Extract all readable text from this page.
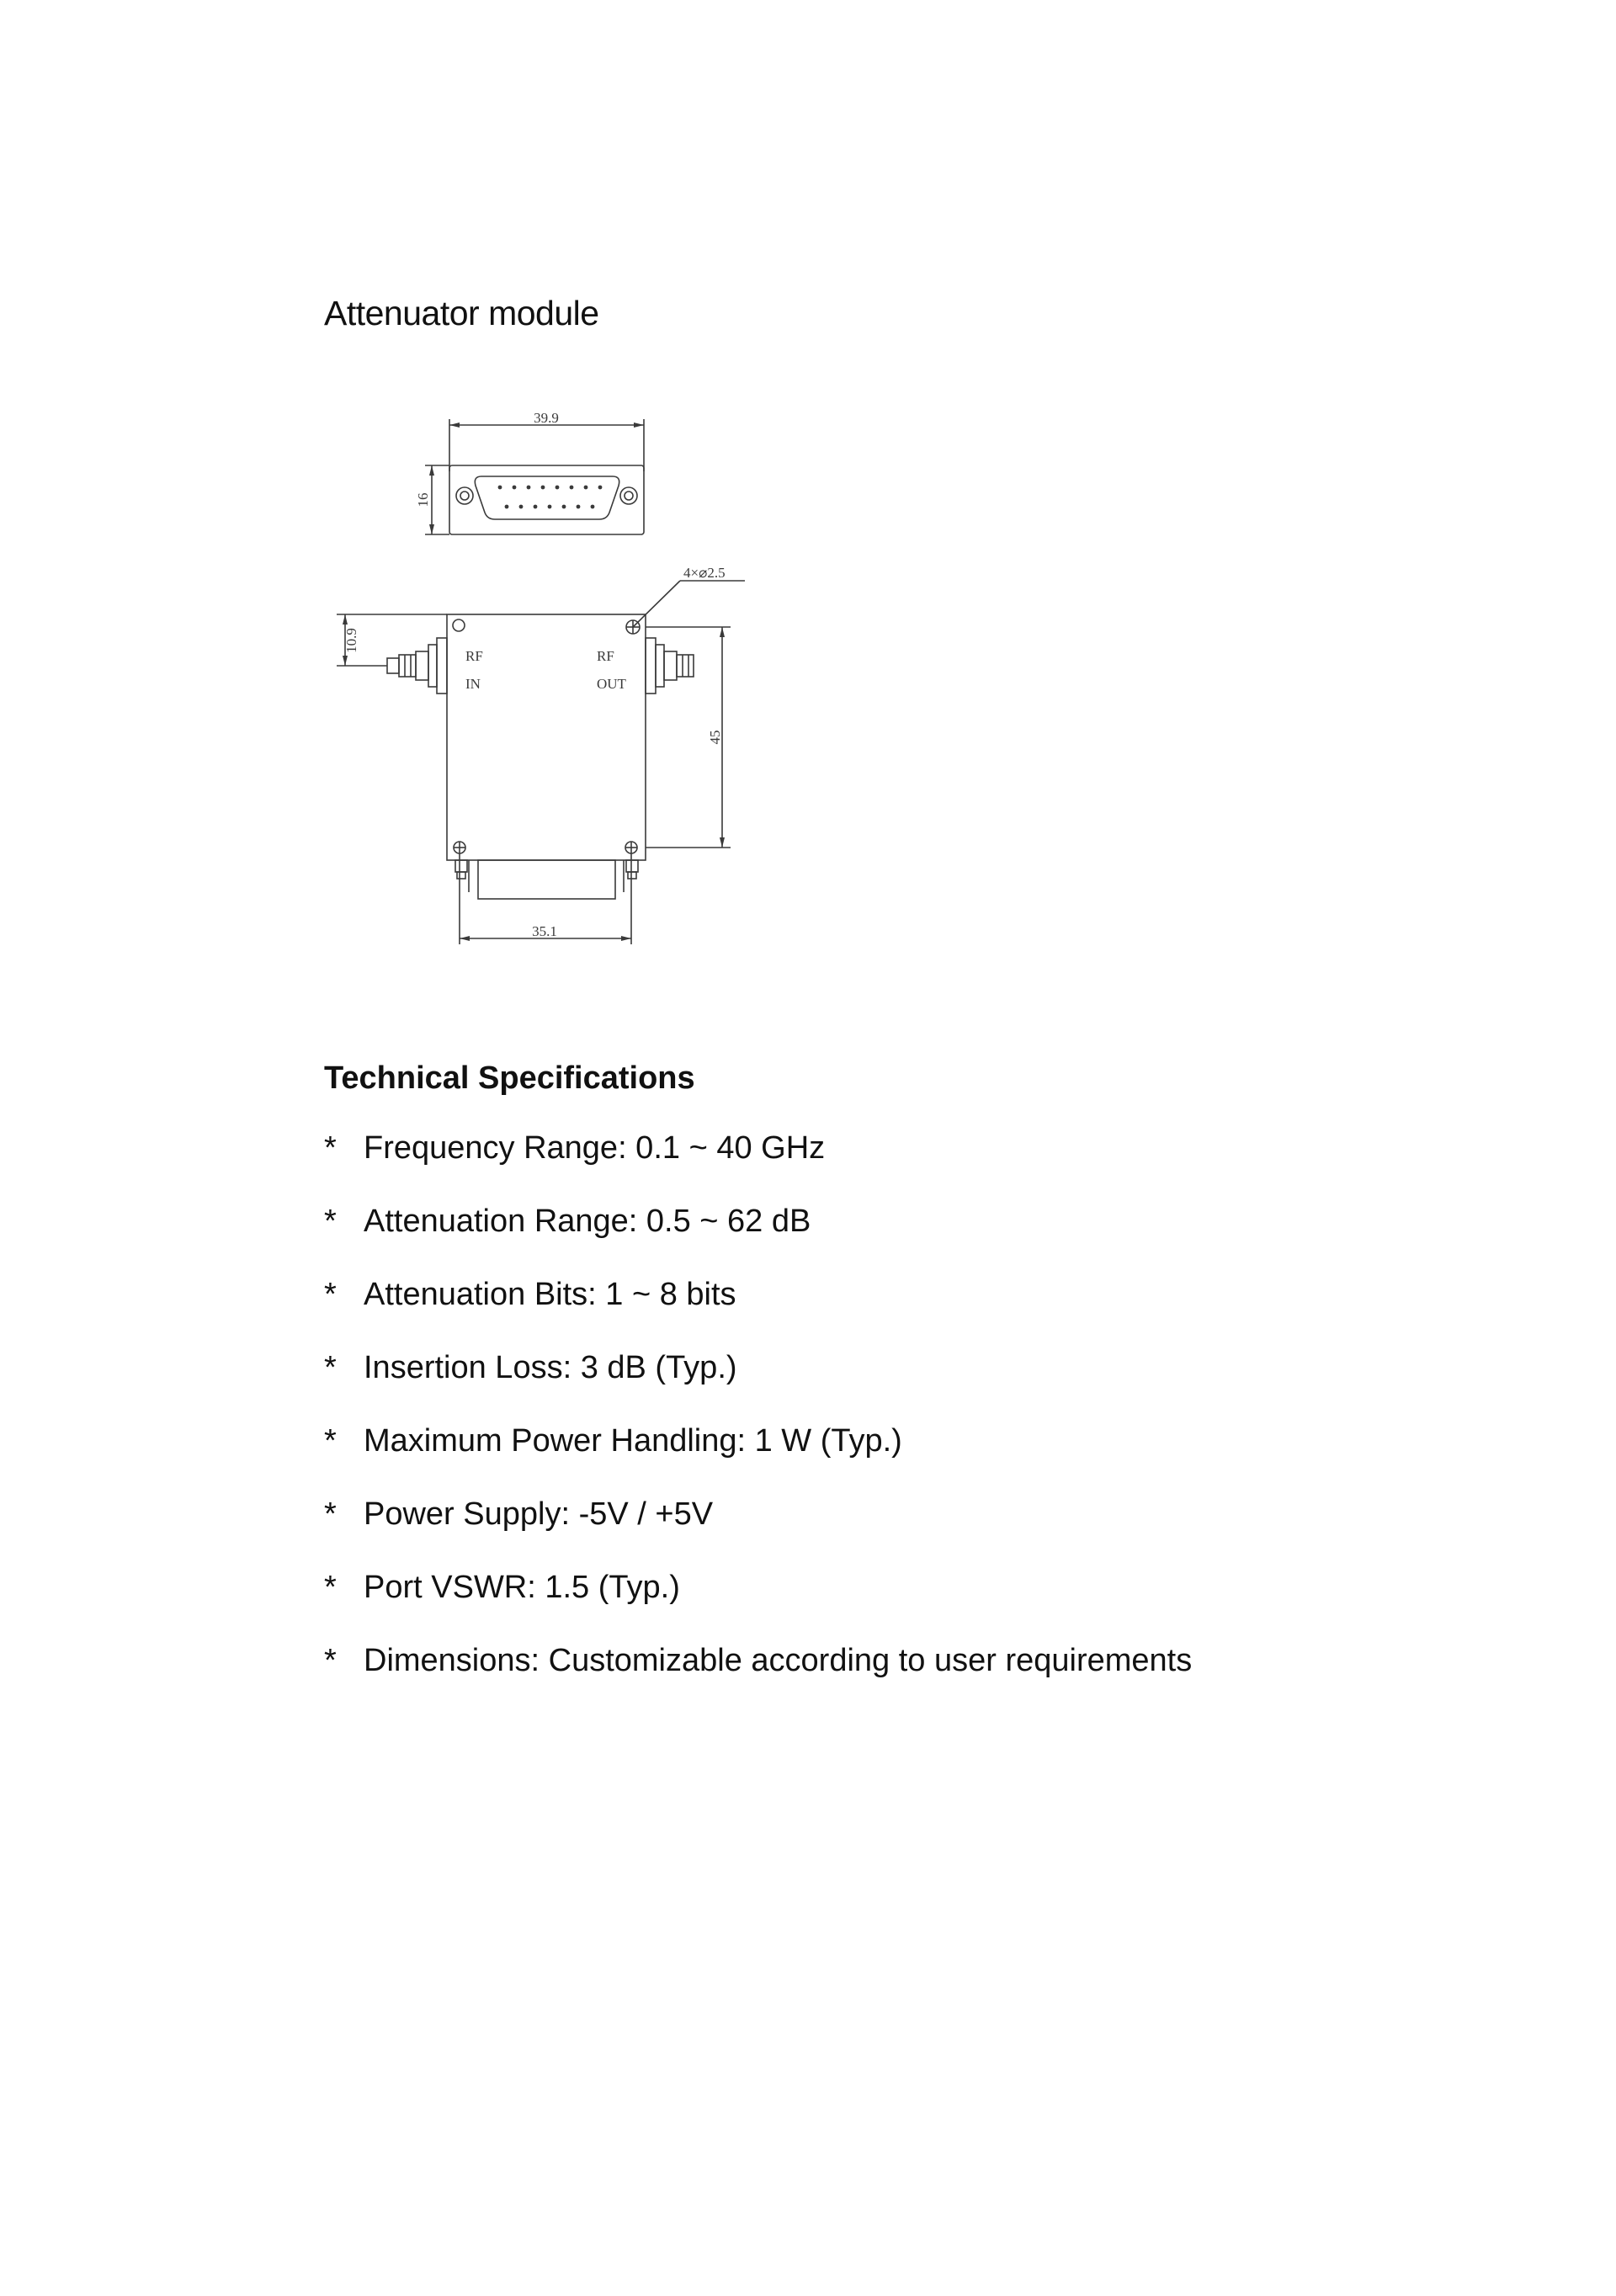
Attenuator module
39.9
16
4×⌀2.5
10.9
45
35.1
RF
IN
RF
OUT
Technical Specifications
* Frequency Range: 0.1 ~ 40 GHz
* Attenuation Range: 0.5 ~ 62 dB
* Attenuation Bits: 1 ~ 8 bits
* Insertion Loss: 3 dB (Typ.)
* Maximum Power Handling: 1 W (Typ.)
* Power Supply: -5V / +5V
* Port VSWR: 1.5 (Typ.)
* Dimensions: Customizable according to user requirements
